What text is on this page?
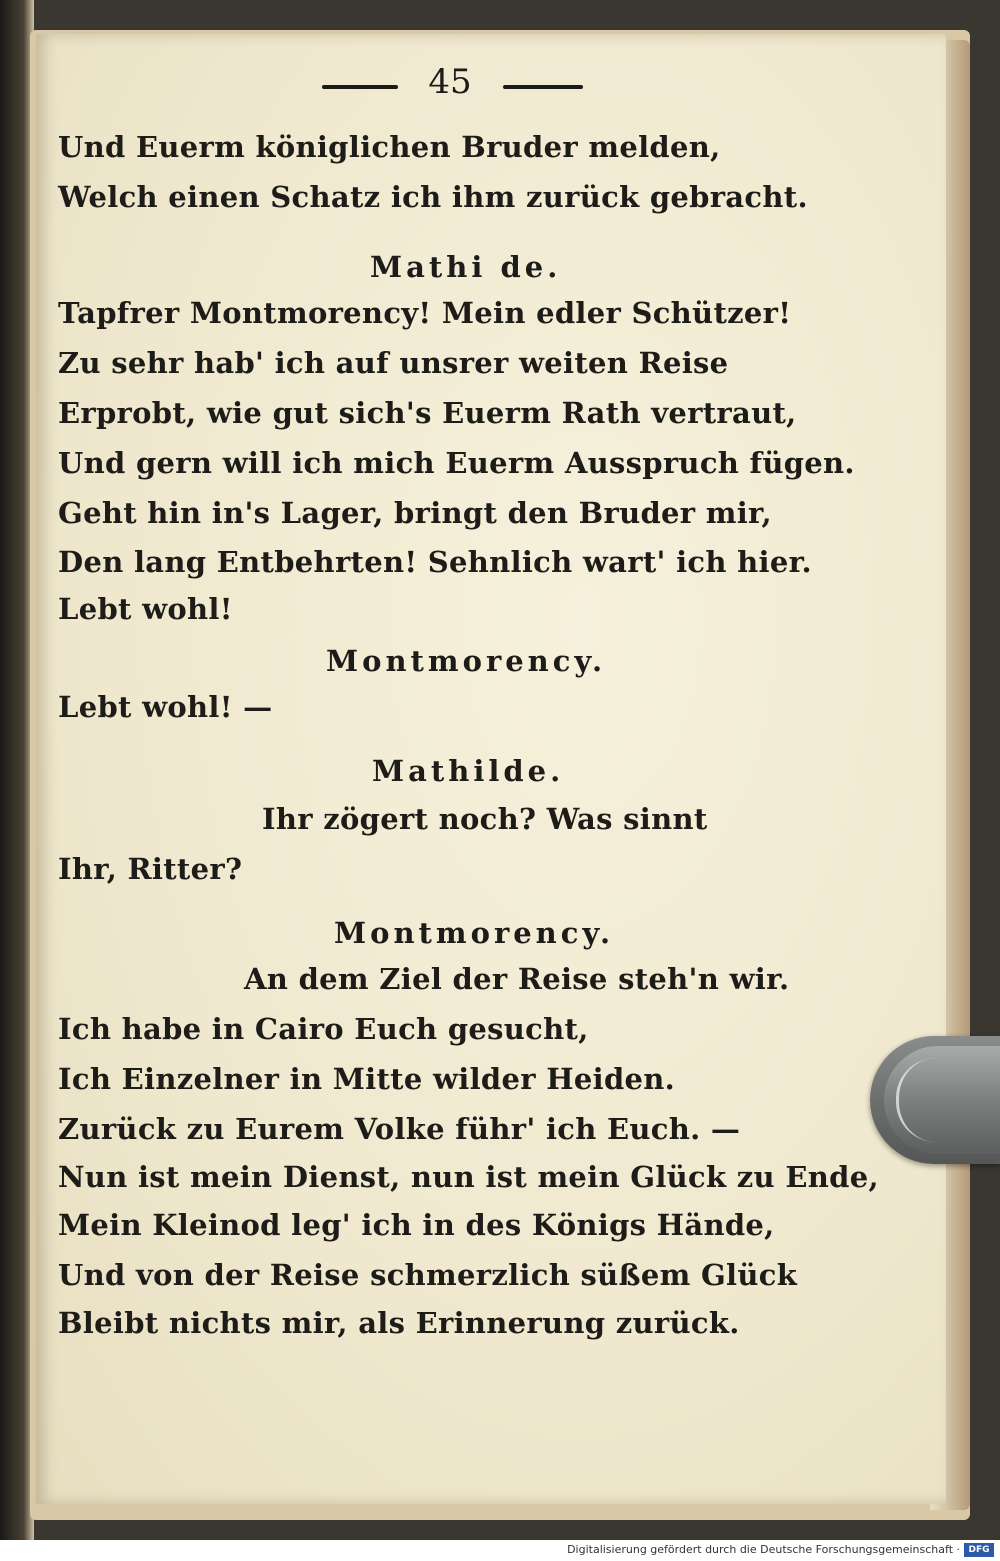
45
Und Euerm königlichen Bruder melden,
Welch einen Schatz ich ihm zurück gebracht.
Mathi de.
Tapfrer Montmorency! Mein edler Schützer!
Zu sehr hab' ich auf unsrer weiten Reise
Erprobt, wie gut sich's Euerm Rath vertraut,
Und gern will ich mich Euerm Ausspruch fügen.
Geht hin in's Lager, bringt den Bruder mir,
Den lang Entbehrten! Sehnlich wart' ich hier.
Lebt wohl!
Montmorency.
Lebt wohl! —
Mathilde.
Ihr zögert noch? Was sinnt
Ihr, Ritter?
Montmorency.
An dem Ziel der Reise steh'n wir.
Ich habe in Cairo Euch gesucht,
Ich Einzelner in Mitte wilder Heiden.
Zurück zu Eurem Volke führ' ich Euch. —
Nun ist mein Dienst, nun ist mein Glück zu Ende,
Mein Kleinod leg' ich in des Königs Hände,
Und von der Reise schmerzlich süßem Glück
Bleibt nichts mir, als Erinnerung zurück.
Digitalisierung gefördert durch die Deutsche Forschungsgemeinschaft · DFG
